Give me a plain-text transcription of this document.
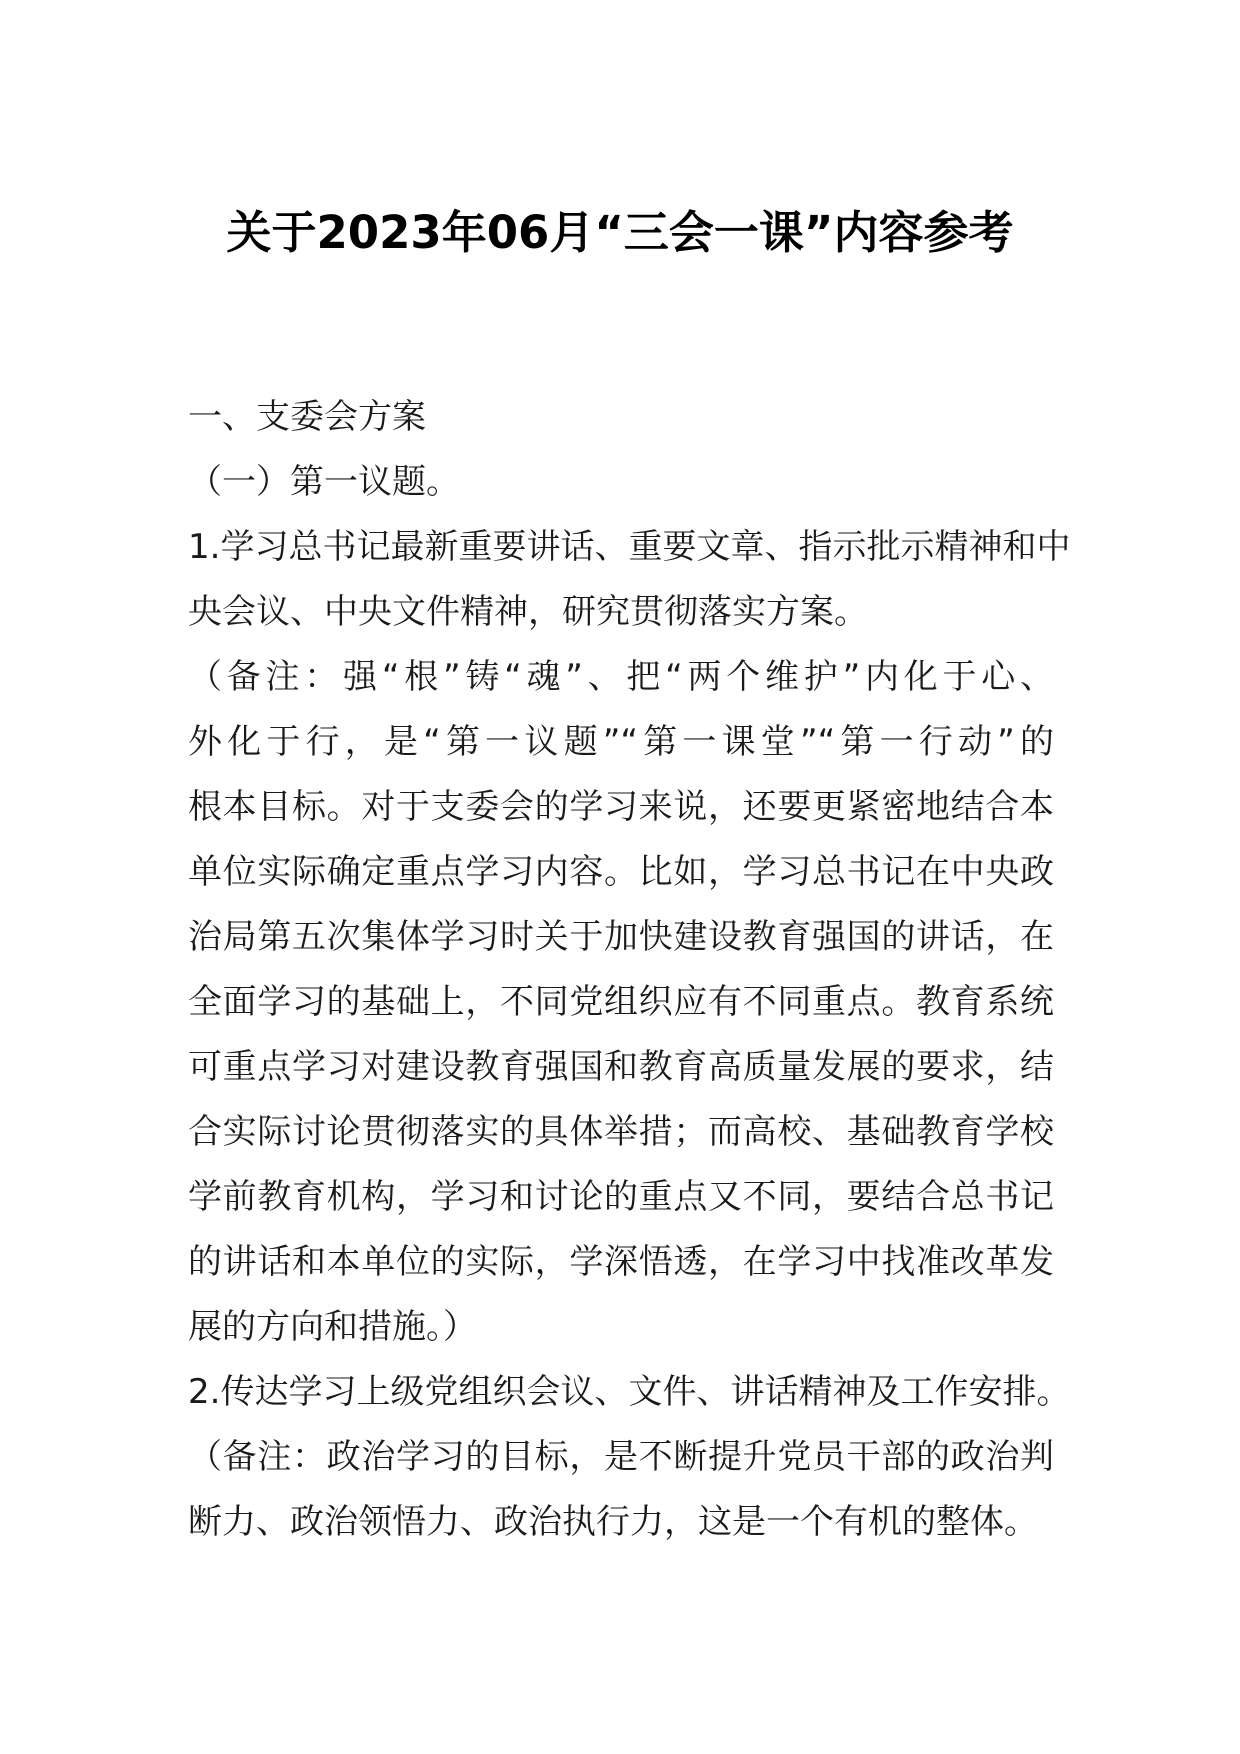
关于2023年06月“三会一课”内容参考

一、支委会方案

（一）第一议题。

1.学习总书记最新重要讲话、重要文章、指示批示精神和中
央会议、中央文件精神，研究贯彻落实方案。

（备注：强“根”铸“魂”、把“两个维护”内化于心、
外化于行，是“第一议题”“第一课堂”“第一行动”的
根本目标。对于支委会的学习来说，还要更紧密地结合本
单位实际确定重点学习内容。比如，学习总书记在中央政
治局第五次集体学习时关于加快建设教育强国的讲话，在
全面学习的基础上，不同党组织应有不同重点。教育系统
可重点学习对建设教育强国和教育高质量发展的要求，结
合实际讨论贯彻落实的具体举措；而高校、基础教育学校
学前教育机构，学习和讨论的重点又不同，要结合总书记
的讲话和本单位的实际，学深悟透，在学习中找准改革发
展的方向和措施。）

2.传达学习上级党组织会议、文件、讲话精神及工作安排。

（备注：政治学习的目标，是不断提升党员干部的政治判
断力、政治领悟力、政治执行力，这是一个有机的整体。
